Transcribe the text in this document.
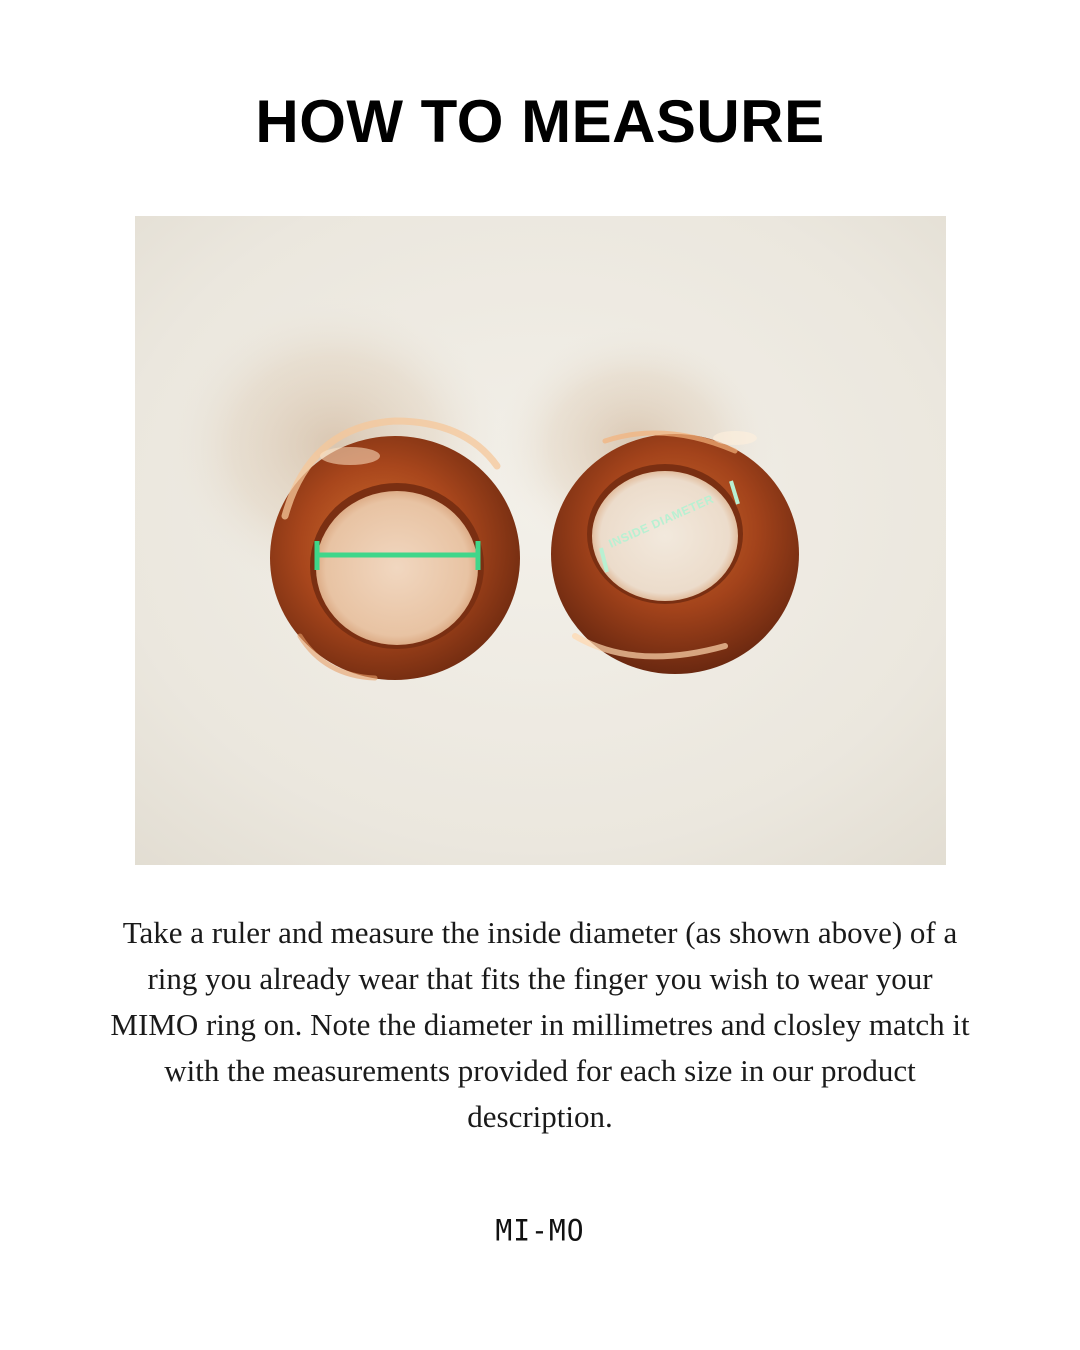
HOW TO MEASURE
INSIDE DIAMETER

Take a ruler and measure the inside diameter (as shown above) of a ring you already wear that fits the finger you wish to wear your MIMO ring on. Note the diameter in millimetres and closley match it with the measurements provided for each size in our product description.

MI-MO
